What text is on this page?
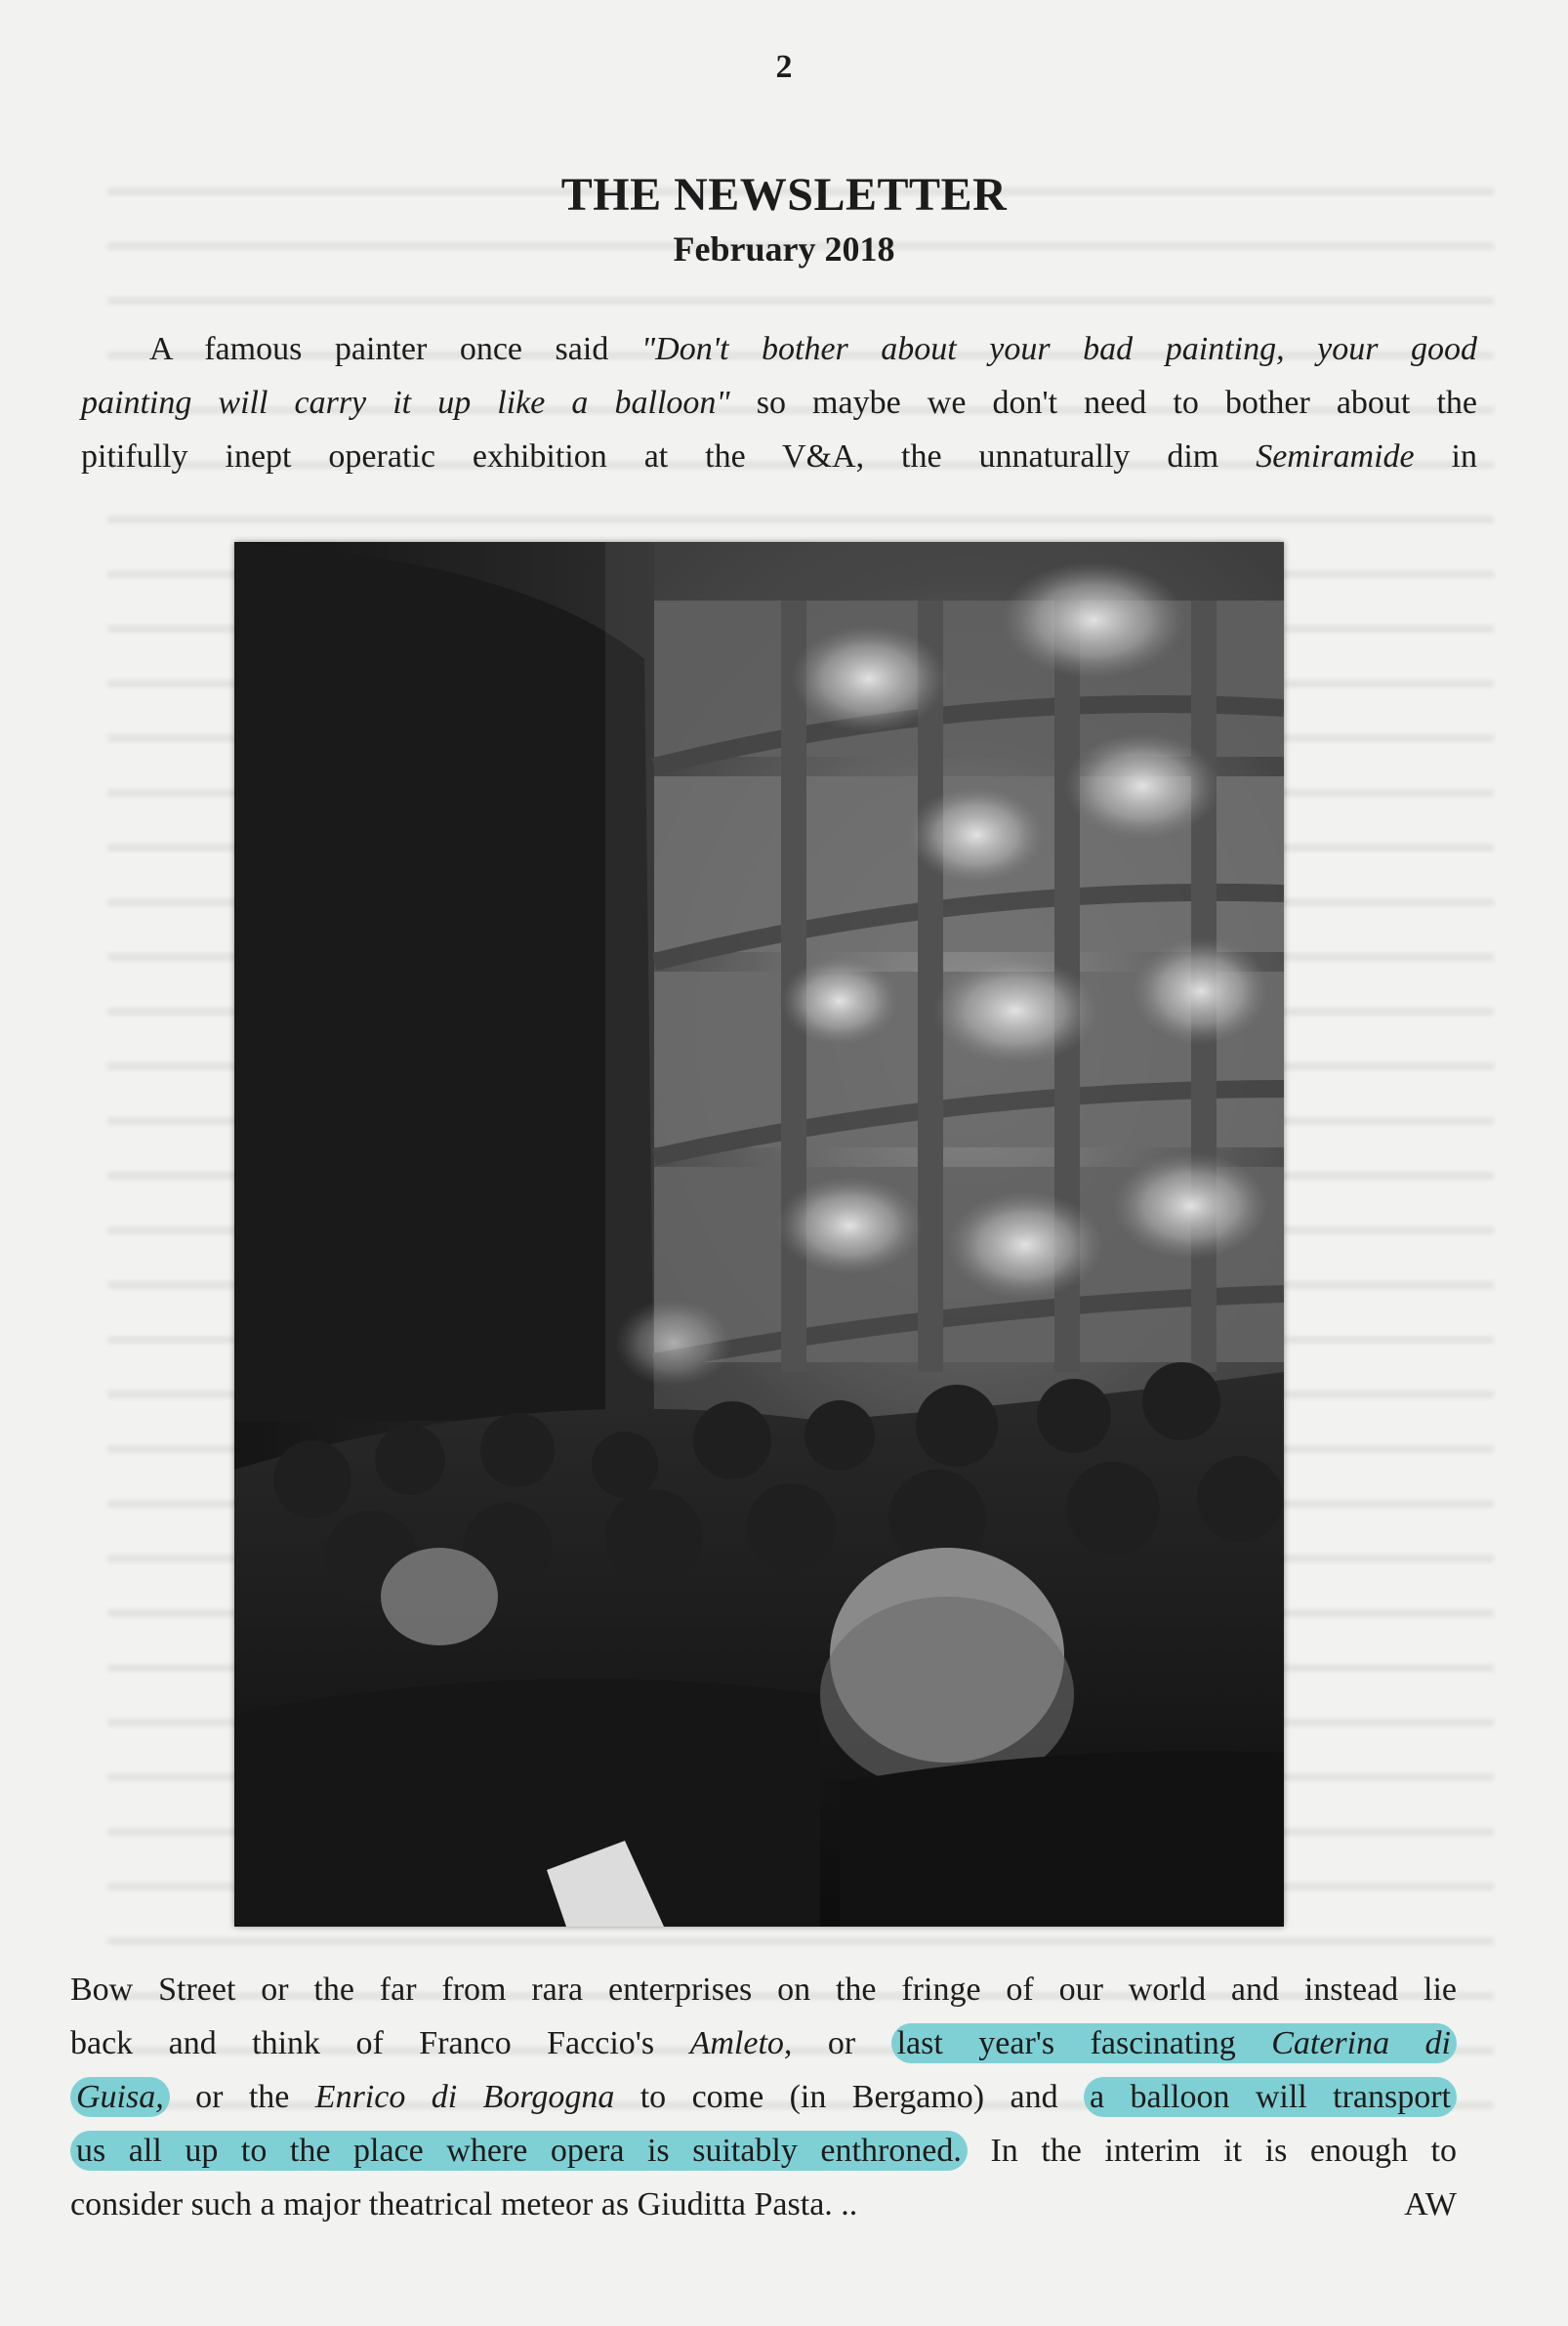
2
THE NEWSLETTER
February 2018

A famous painter once said "Don't bother about your bad painting, your good
painting will carry it up like a balloon" so maybe we don't need to bother about the
pitifully inept operatic exhibition at the V&A, the unnaturally dim Semiramide in

Bow Street or the far from rara enterprises on the fringe of our world and instead lie
back and think of Franco Faccio's Amleto, or last year's fascinating Caterina di
Guisa, or the Enrico di Borgogna to come (in Bergamo) and a balloon will transport
us all up to the place where opera is suitably enthroned. In the interim it is enough to
consider such a major theatrical meteor as Giuditta Pasta. ..	AW
